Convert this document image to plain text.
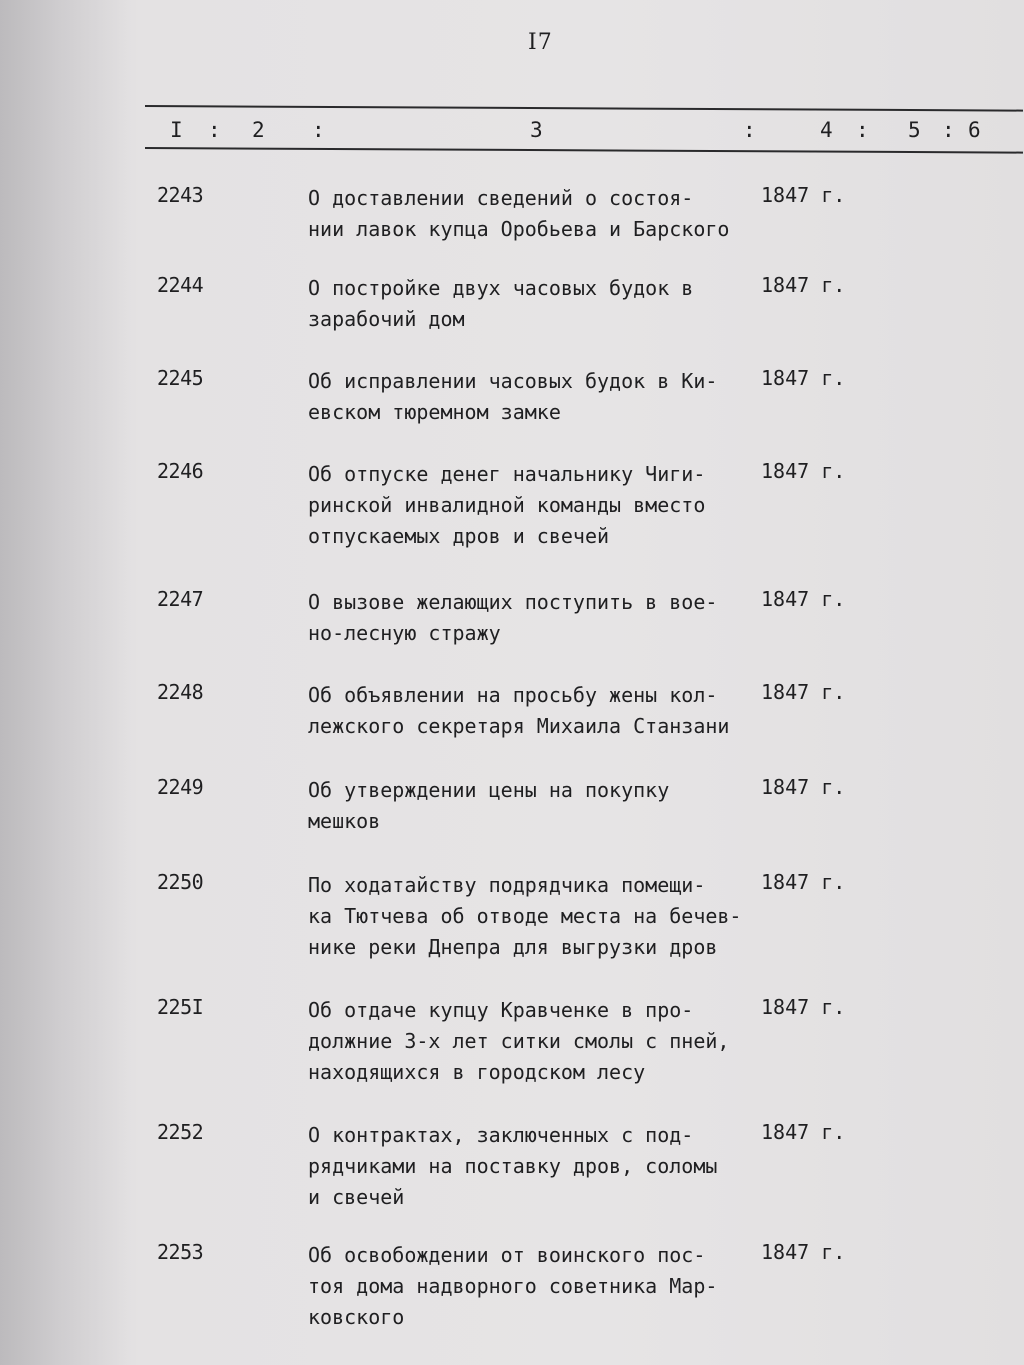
I7
I : 2 :	3	:	4 : 5 : 6
2243	О доставлении сведений о состоя-
нии лавок купца Оробьева и Барского
1847 г.
2244	О постройке двух часовых будок в
зарабочий дом
1847 г.
2245	Об исправлении часовых будок в Ки-
евском тюремном замке
1847 г.
2246	Об отпуске денег начальнику Чиги-
ринской инвалидной команды вместо
отпускаемых дров и свечей
1847 г.
2247	О вызове желающих поступить в вое-
но-лесную стражу
1847 г.
2248	Об объявлении на просьбу жены кол-
лежского секретаря Михаила Станзани
1847 г.
2249	Об утверждении цены на покупку
мешков
1847 г.
2250	По ходатайству подрядчика помещи-
ка Тютчева об отводе места на бечев-
нике реки Днепра для выгрузки дров
1847 г.
225I	Об отдаче купцу Кравченке в про-
должние 3-х лет ситки смолы с пней,
находящихся в городском лесу
1847 г.
2252	О контрактах, заключенных с под-
рядчиками на поставку дров, соломы
и свечей
1847 г.
2253	Об освобождении от воинского пос-
тоя дома надворного советника Мар-
ковского
1847 г.
